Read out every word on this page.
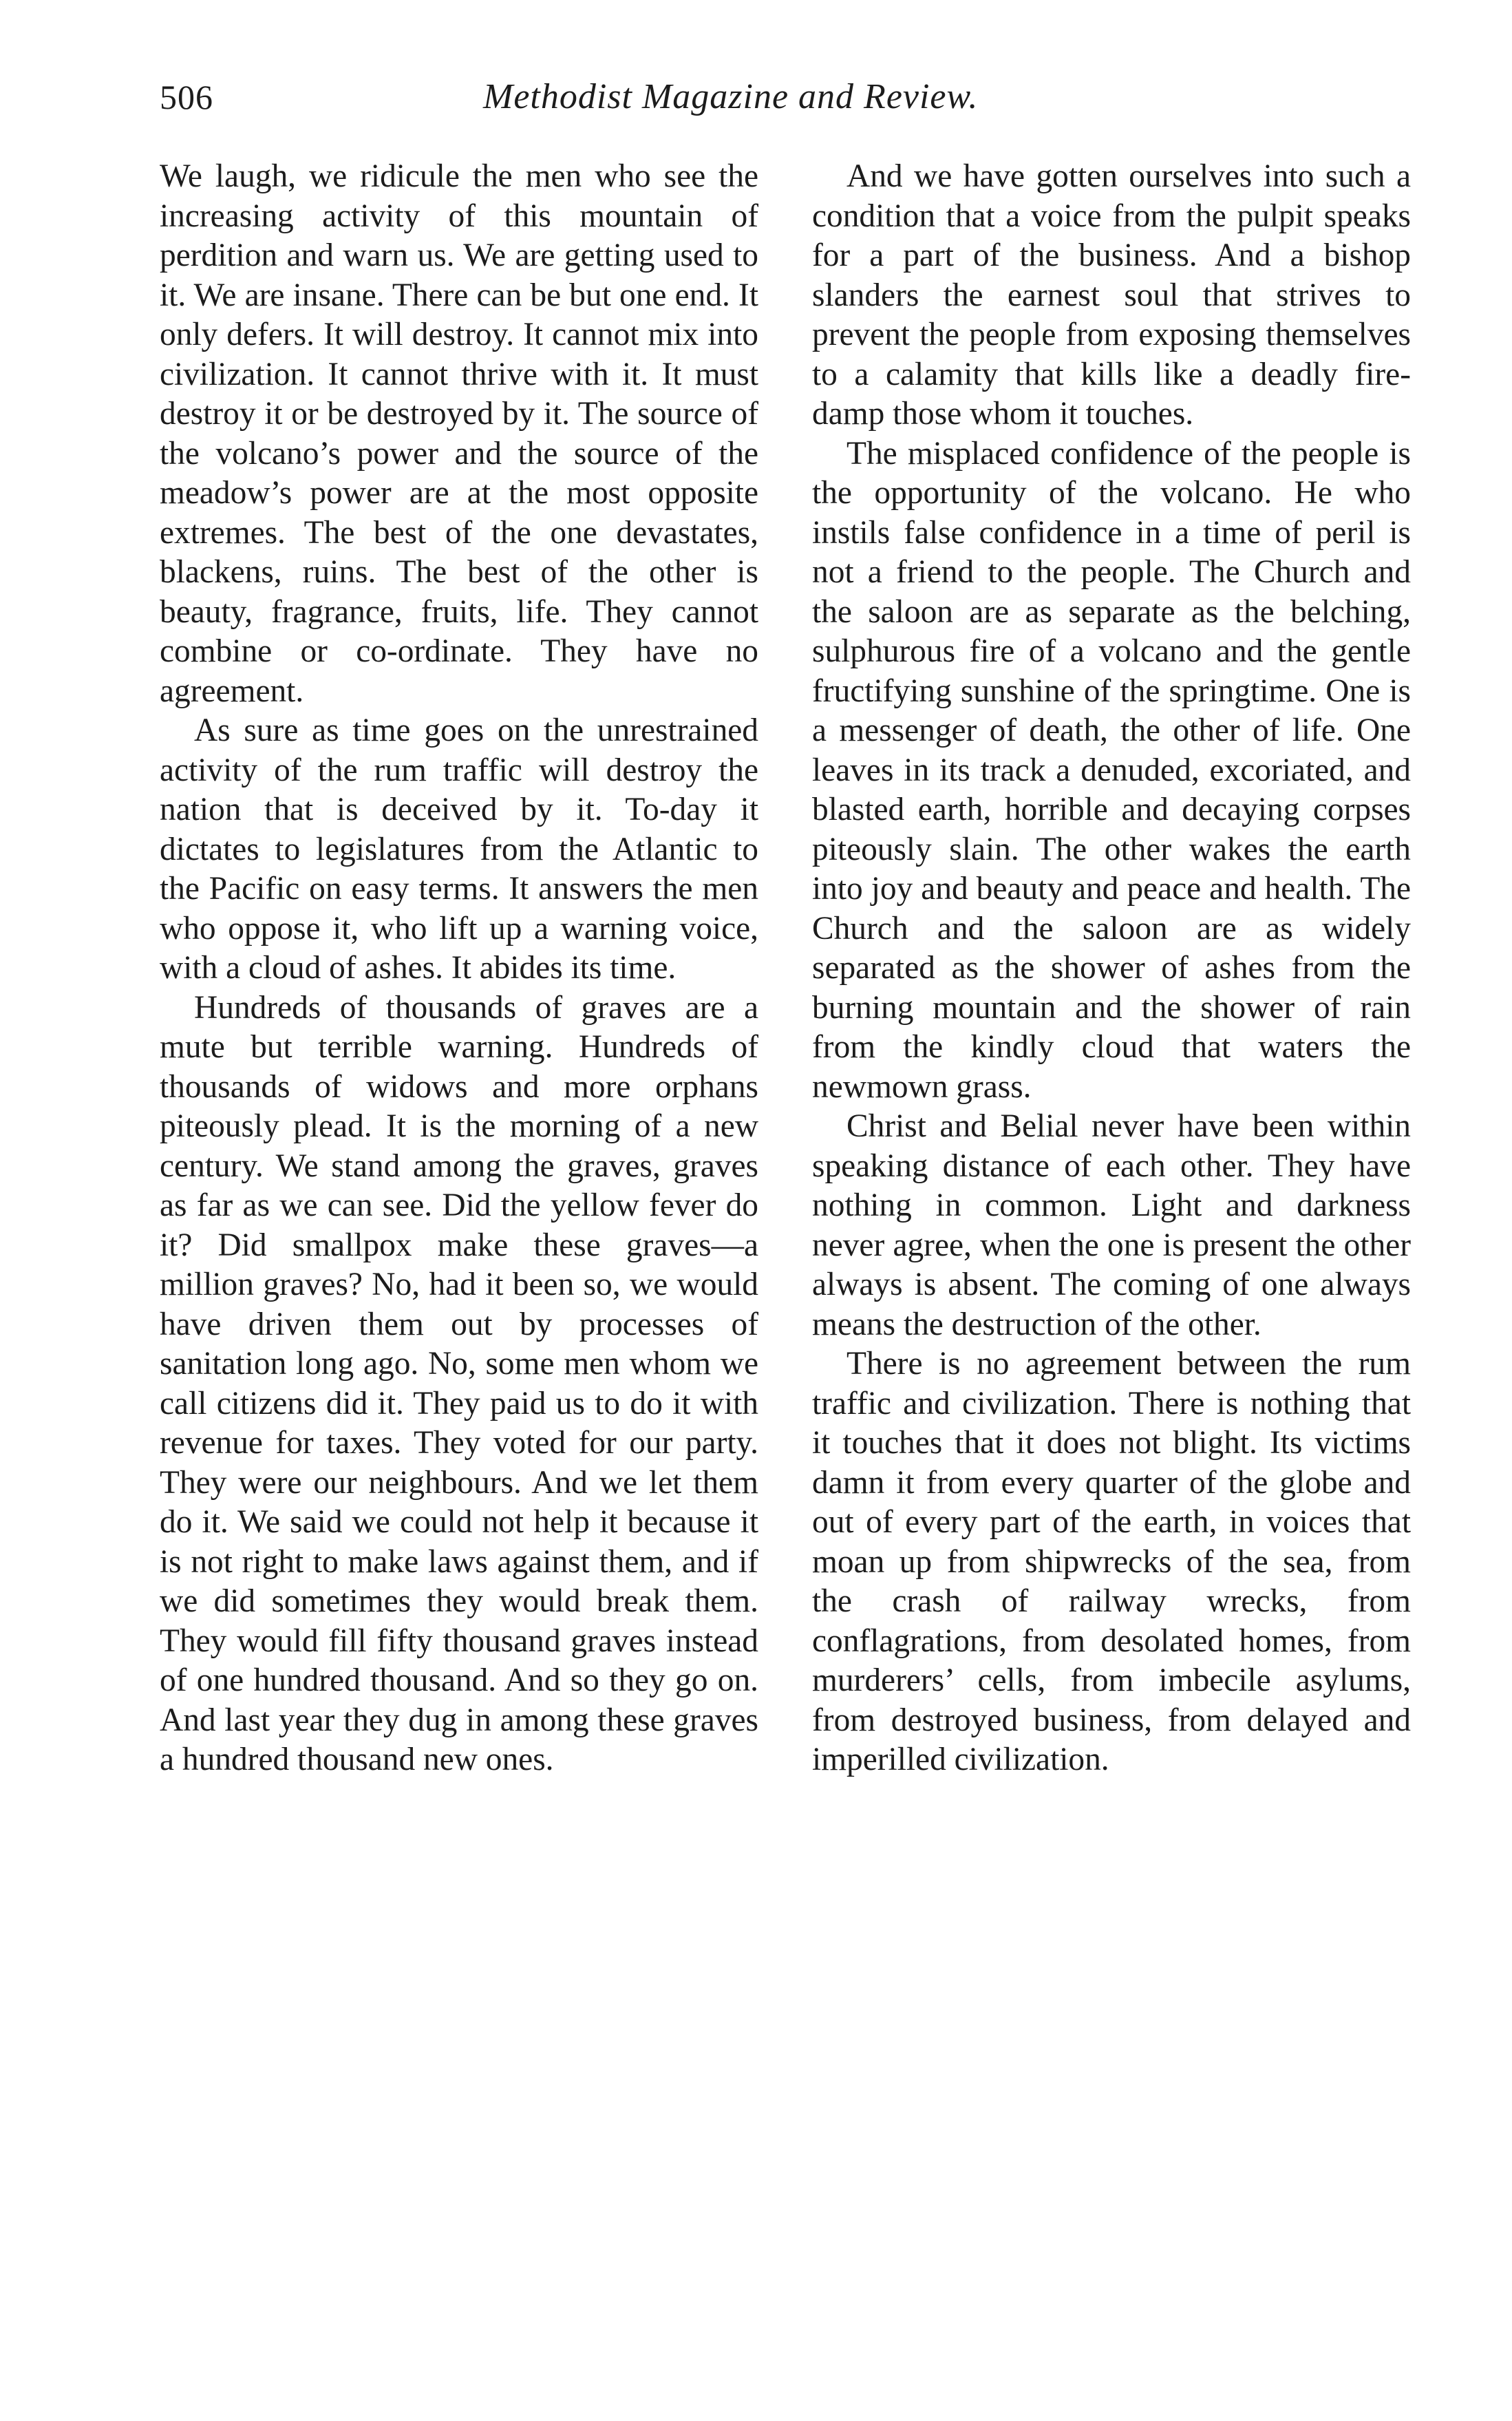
506	Methodist Magazine and Review.

We laugh, we ridicule the men who see the increasing activity of this mountain of perdition and warn us. We are getting used to it. We are insane. There can be but one end. It only defers. It will destroy. It cannot mix into civilization. It cannot thrive with it. It must destroy it or be destroyed by it. The source of the volcano’s power and the source of the meadow’s power are at the most opposite extremes. The best of the one devastates, blackens, ruins. The best of the other is beauty, fragrance, fruits, life. They cannot combine or co-ordinate. They have no agreement.

As sure as time goes on the unrestrained activity of the rum traffic will destroy the nation that is deceived by it. To-day it dictates to legislatures from the Atlantic to the Pacific on easy terms. It answers the men who oppose it, who lift up a warning voice, with a cloud of ashes. It abides its time.

Hundreds of thousands of graves are a mute but terrible warning. Hundreds of thousands of widows and more orphans piteously plead. It is the morning of a new century. We stand among the graves, graves as far as we can see. Did the yellow fever do it? Did smallpox make these graves—a million graves? No, had it been so, we would have driven them out by processes of sanitation long ago. No, some men whom we call citizens did it. They paid us to do it with revenue for taxes. They voted for our party. They were our neighbours. And we let them do it. We said we could not help it because it is not right to make laws against them, and if we did sometimes they would break them. They would fill fifty thousand graves instead of one hundred thousand. And so they go on. And last year they dug in among these graves a hundred thousand new ones.

And we have gotten ourselves into such a condition that a voice from the pulpit speaks for a part of the business. And a bishop slanders the earnest soul that strives to prevent the people from exposing themselves to a calamity that kills like a deadly fire-damp those whom it touches.

The misplaced confidence of the people is the opportunity of the volcano. He who instils false confidence in a time of peril is not a friend to the people. The Church and the saloon are as separate as the belching, sulphurous fire of a volcano and the gentle fructifying sunshine of the springtime. One is a messenger of death, the other of life. One leaves in its track a denuded, excoriated, and blasted earth, horrible and decaying corpses piteously slain. The other wakes the earth into joy and beauty and peace and health. The Church and the saloon are as widely separated as the shower of ashes from the burning mountain and the shower of rain from the kindly cloud that waters the newmown grass.

Christ and Belial never have been within speaking distance of each other. They have nothing in common. Light and darkness never agree, when the one is present the other always is absent. The coming of one always means the destruction of the other.

There is no agreement between the rum traffic and civilization. There is nothing that it touches that it does not blight. Its victims damn it from every quarter of the globe and out of every part of the earth, in voices that moan up from shipwrecks of the sea, from the crash of railway wrecks, from conflagrations, from desolated homes, from murderers’ cells, from imbecile asylums, from destroyed business, from delayed and imperilled civilization.
